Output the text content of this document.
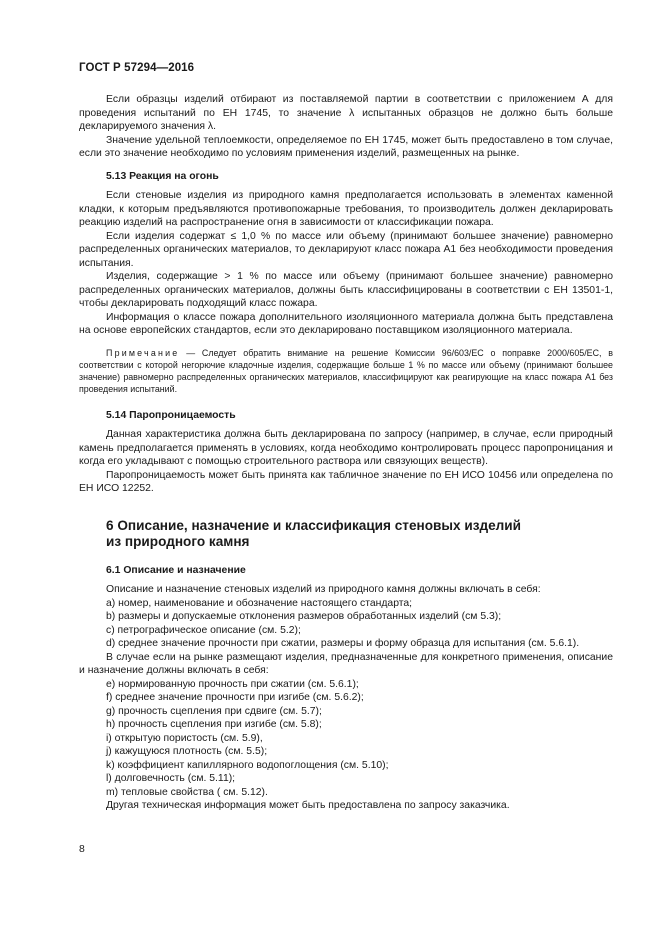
ГОСТ Р 57294—2016

Если образцы изделий отбирают из поставляемой партии в соответствии с приложением А для проведения испытаний по ЕН 1745, то значение λ испытанных образцов не должно быть больше декларируемого значения λ.

Значение удельной теплоемкости, определяемое по ЕН 1745, может быть предоставлено в том случае, если это значение необходимо по условиям применения изделий, размещенных на рынке.

5.13 Реакция на огонь

Если стеновые изделия из природного камня предполагается использовать в элементах каменной кладки, к которым предъявляются противопожарные требования, то производитель должен декларировать реакцию изделий на распространение огня в зависимости от классификации пожара.

Если изделия содержат ≤ 1,0 % по массе или объему (принимают большее значение) равномерно распределенных органических материалов, то декларируют класс пожара А1 без необходимости проведения испытания.

Изделия, содержащие > 1 % по массе или объему (принимают большее значение) равномерно распределенных органических материалов, должны быть классифицированы в соответствии с ЕН 13501-1, чтобы декларировать подходящий класс пожара.

Информация о классе пожара дополнительного изоляционного материала должна быть представлена на основе европейских стандартов, если это декларировано поставщиком изоляционного материала.

Примечание — Следует обратить внимание на решение Комиссии 96/603/ЕС о поправке 2000/605/ЕС, в соответствии с которой негорючие кладочные изделия, содержащие больше 1 % по массе или объему (принимают большее значение) равномерно распределенных органических материалов, классифицируют как реагирующие на класс пожара А1 без проведения испытаний.

5.14 Паропроницаемость

Данная характеристика должна быть декларирована по запросу (например, в случае, если природный камень предполагается применять в условиях, когда необходимо контролировать процесс паропроницания и когда его укладывают с помощью строительного раствора или связующих веществ).

Паропроницаемость может быть принята как табличное значение по ЕН ИСО 10456 или определена по ЕН ИСО 12252.

6 Описание, назначение и классификация стеновых изделий
из природного камня
6.1 Описание и назначение

Описание и назначение стеновых изделий из природного камня должны включать в себя:

a) номер, наименование и обозначение настоящего стандарта;

b) размеры и допускаемые отклонения размеров обработанных изделий (см 5.3);

c) петрографическое описание (см. 5.2);

d) среднее значение прочности при сжатии, размеры и форму образца для испытания (см. 5.6.1).

В случае если на рынке размещают изделия, предназначенные для конкретного применения, описание и назначение должны включать в себя:

e) нормированную прочность при сжатии (см. 5.6.1);

f) среднее значение прочности при изгибе (см. 5.6.2);

g) прочность сцепления при сдвиге (см. 5.7);

h) прочность сцепления при изгибе (см. 5.8);

i) открытую пористость (см. 5.9),

j) кажущуюся плотность (см. 5.5);

k) коэффициент капиллярного водопоглощения (см. 5.10);

l) долговечность (см. 5.11);

m) тепловые свойства ( см. 5.12).

Другая техническая информация может быть предоставлена по запросу заказчика.

8
